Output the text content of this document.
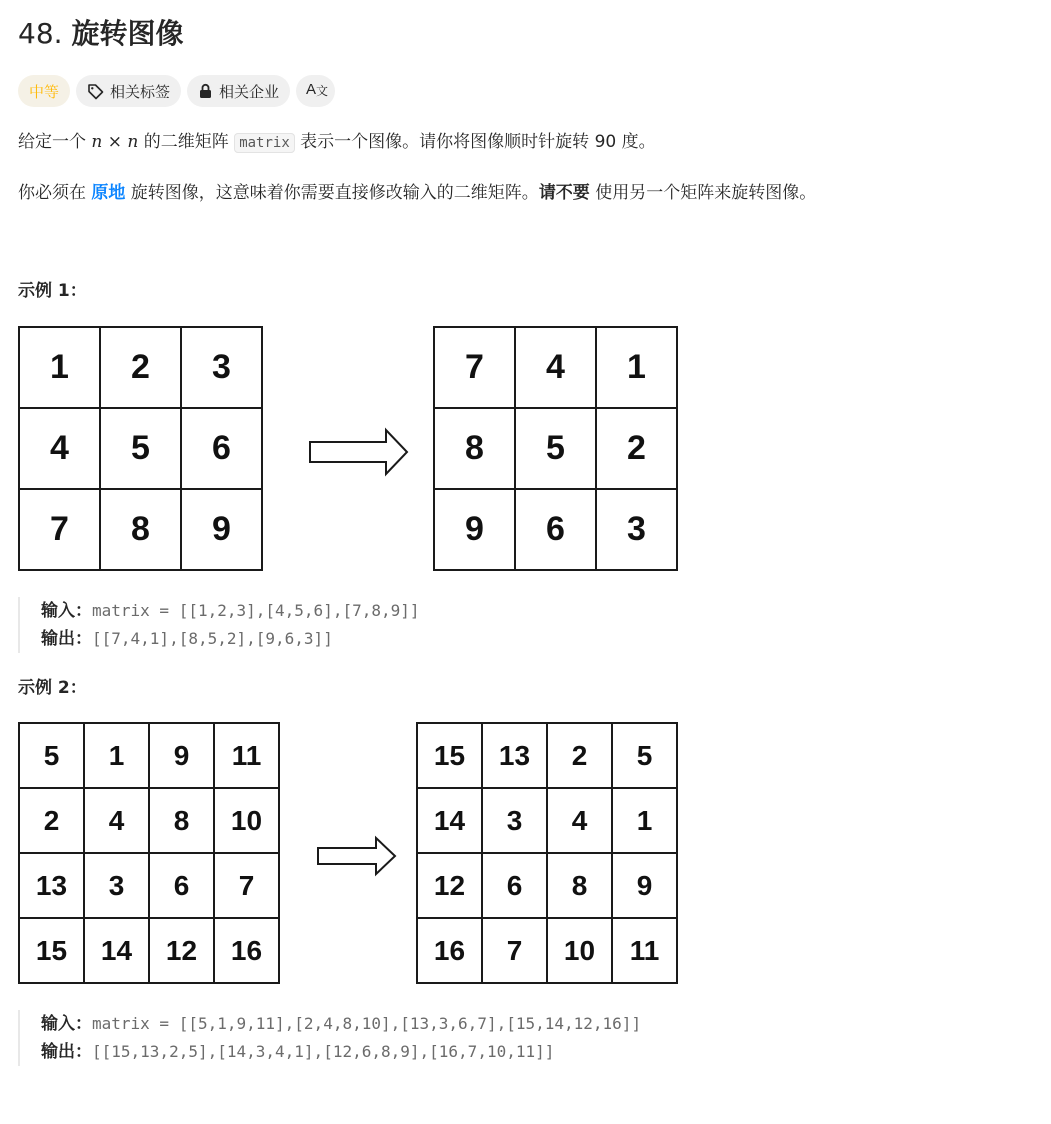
48. 旋转图像
中等	相关标签	相关企业 A 文

给定一个 n × n 的二维矩阵 matrix 表示一个图像。请你将图像顺时针旋转 90 度。

你必须在 原地 旋转图像，这意味着你需要直接修改输入的二维矩阵。请不要 使用另一个矩阵来旋转图像。

示例 1：
1	2	3
4	5	6
7	8	9
7	4	1
8	5	2
9	6	3
输入：matrix = [[1,2,3],[4,5,6],[7,8,9]]
输出：[[7,4,1],[8,5,2],[9,6,3]]
示例 2：
5	1	9	11
2	4	8	10
13	3	6	7
15	14	12	16
15	13	2	5
14	3	4	1
12	6	8	9
16	7	10	11
输入：matrix = [[5,1,9,11],[2,4,8,10],[13,3,6,7],[15,14,12,16]]
输出：[[15,13,2,5],[14,3,4,1],[12,6,8,9],[16,7,10,11]]
